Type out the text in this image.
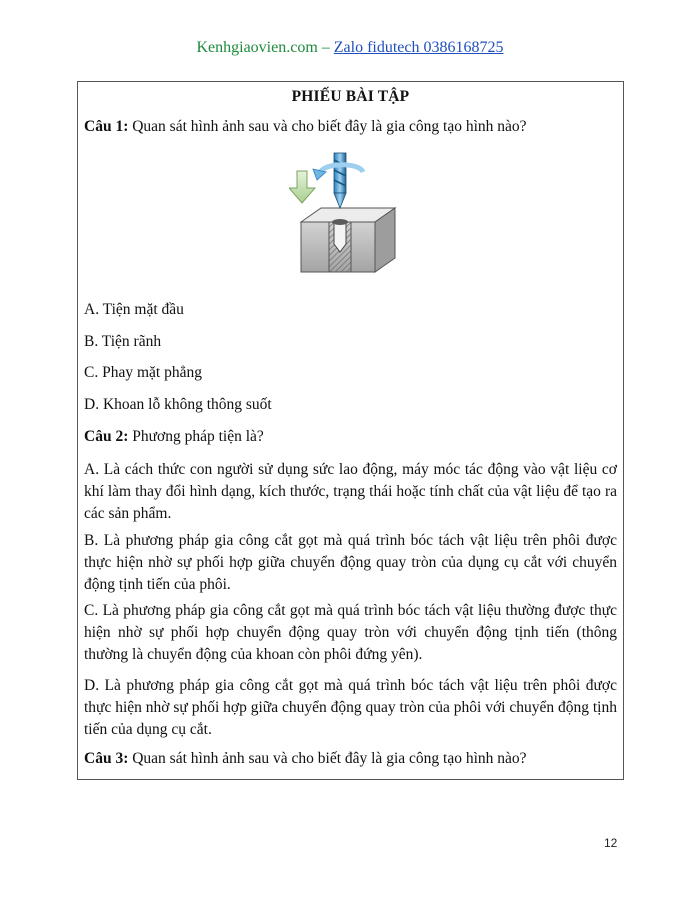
Kenhgiaovien.com – Zalo fidutech 0386168725
PHIẾU BÀI TẬP
Câu 1: Quan sát hình ảnh sau và cho biết đây là gia công tạo hình nào?
A. Tiện mặt đầu
B. Tiện rãnh
C. Phay mặt phẳng
D. Khoan lỗ không thông suốt
Câu 2: Phương pháp tiện là?
A. Là cách thức con người sử dụng sức lao động, máy móc tác động vào vật liệu cơ khí làm thay đổi hình dạng, kích thước, trạng thái hoặc tính chất của vật liệu để tạo ra các sản phẩm.
B. Là phương pháp gia công cắt gọt mà quá trình bóc tách vật liệu trên phôi được thực hiện nhờ sự phối hợp giữa chuyển động quay tròn của dụng cụ cắt với chuyển động tịnh tiến của phôi.
C. Là phương pháp gia công cắt gọt mà quá trình bóc tách vật liệu thường được thực hiện nhờ sự phối hợp chuyển động quay tròn với chuyển động tịnh tiến (thông thường là chuyển động của khoan còn phôi đứng yên).
D. Là phương pháp gia công cắt gọt mà quá trình bóc tách vật liệu trên phôi được thực hiện nhờ sự phối hợp giữa chuyển động quay tròn của phôi với chuyển động tịnh tiến của dụng cụ cắt.
Câu 3: Quan sát hình ảnh sau và cho biết đây là gia công tạo hình nào?
12
